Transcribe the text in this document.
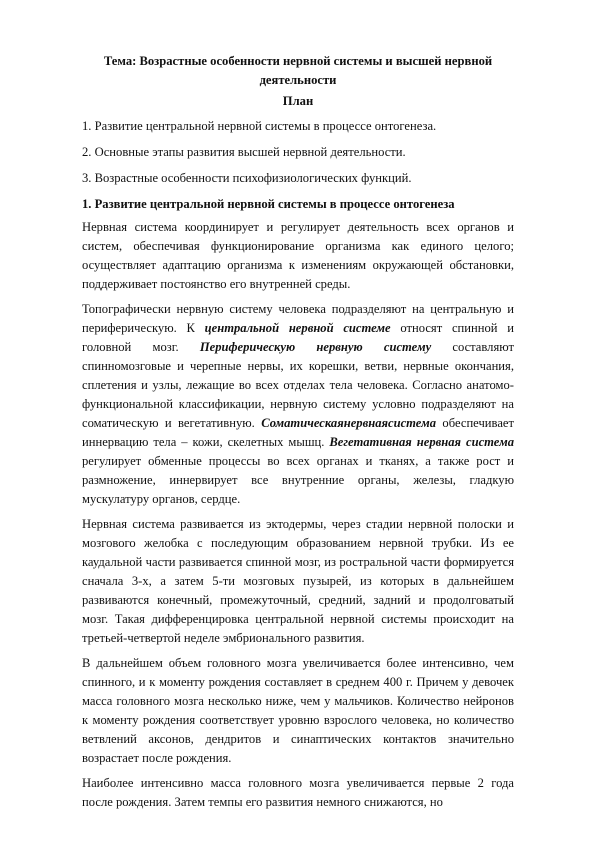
Тема: Возрастные особенности нервной системы и высшей нервной деятельности

План

1. Развитие центральной нервной системы в процессе онтогенеза.

2. Основные этапы развития высшей нервной деятельности.

3. Возрастные особенности психофизиологических функций.

1. Развитие центральной нервной системы в процессе онтогенеза

Нервная система координирует и регулирует деятельность всех органов и систем, обеспечивая функционирование организма как единого целого; осуществляет адаптацию организма к изменениям окружающей обстановки, поддерживает постоянство его внутренней среды.

Топографически нервную систему человека подразделяют на центральную и периферическую. К центральной нервной системе относят спинной и головной мозг. Периферическую нервную систему составляют спинномозговые и черепные нервы, их корешки, ветви, нервные окончания, сплетения и узлы, лежащие во всех отделах тела человека. Согласно анатомо-функциональной классификации, нервную систему условно подразделяют на соматическую и вегетативную. Соматическаянервнаясистема обеспечивает иннервацию тела – кожи, скелетных мышц. Вегетативная нервная система регулирует обменные процессы во всех органах и тканях, а также рост и размножение, иннервирует все внутренние органы, железы, гладкую мускулатуру органов, сердце.

Нервная система развивается из эктодермы, через стадии нервной полоски и мозгового желобка с последующим образованием нервной трубки. Из ее каудальной части развивается спинной мозг, из ростральной части формируется сначала 3-х, а затем 5-ти мозговых пузырей, из которых в дальнейшем развиваются конечный, промежуточный, средний, задний и продолговатый мозг. Такая дифференцировка центральной нервной системы происходит на третьей-четвертой неделе эмбрионального развития.

В дальнейшем объем головного мозга увеличивается более интенсивно, чем спинного, и к моменту рождения составляет в среднем 400 г. Причем у девочек масса головного мозга несколько ниже, чем у мальчиков. Количество нейронов к моменту рождения соответствует уровню взрослого человека, но количество ветвлений аксонов, дендритов и синаптических контактов значительно возрастает после рождения.

Наиболее интенсивно масса головного мозга увеличивается первые 2 года после рождения. Затем темпы его развития немного снижаются, но
